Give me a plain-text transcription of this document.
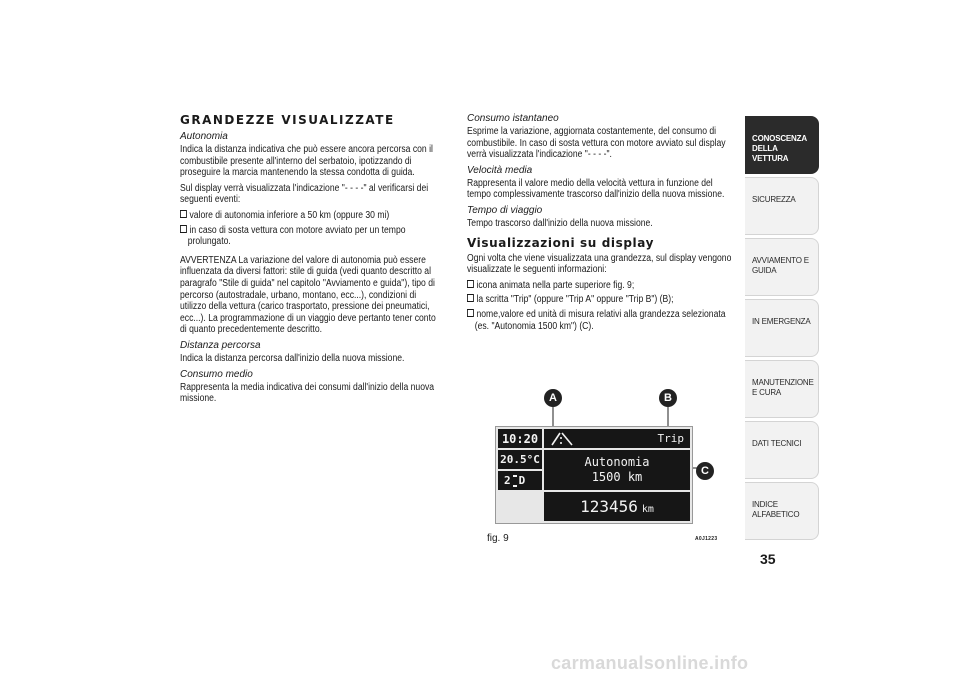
GRANDEZZE VISUALIZZATE
Autonomia
Indica la distanza indicativa che può essere ancora percorsa con il combustibile presente all'interno del serbatoio, ipotizzando di proseguire la marcia mantenendo la stessa condotta di guida.
Sul display verrà visualizzata l'indicazione "- - - -" al verificarsi dei seguenti eventi:
valore di autonomia inferiore a 50 km (oppure 30 mi)
in caso di sosta vettura con motore avviato per un tempo prolungato.
AVVERTENZA La variazione del valore di autonomia può essere influenzata da diversi fattori: stile di guida (vedi quanto descritto al paragrafo "Stile di guida" nel capitolo "Avviamento e guida"), tipo di percorso (autostradale, urbano, montano, ecc...), condizioni di utilizzo della vettura (carico trasportato, pressione dei pneumatici, ecc...). La programmazione di un viaggio deve pertanto tener conto di quanto precedentemente descritto.
Distanza percorsa
Indica la distanza percorsa dall'inizio della nuova missione.
Consumo medio
Rappresenta la media indicativa dei consumi dall'inizio della nuova missione.
Consumo istantaneo
Esprime la variazione, aggiornata costantemente, del consumo di combustibile. In caso di sosta vettura con motore avviato sul display verrà visualizzata l'indicazione "- - - -".
Velocità media
Rappresenta il valore medio della velocità vettura in funzione del tempo complessivamente trascorso dall'inizio della nuova missione.
Tempo di viaggio
Tempo trascorso dall'inizio della nuova missione.
Visualizzazioni su display
Ogni volta che viene visualizzata una grandezza, sul display vengono visualizzate le seguenti informazioni:
icona animata nella parte superiore fig. 9;
la scritta "Trip" (oppure "Trip A" oppure "Trip B") (B);
nome,valore ed unità di misura relativi alla grandezza selezionata (es. "Autonomia 1500 km") (C).
A	B
C
10:20
20.5°C
2 D
Trip
Autonomia
1500 km
123456 km
fig. 9	A0J1223
CONOSCENZA DELLA VETTURA
SICUREZZA
AVVIAMENTO E GUIDA
IN EMERGENZA
MANUTENZIONE E CURA
DATI TECNICI
INDICE ALFABETICO
35
carmanualsonline.info
